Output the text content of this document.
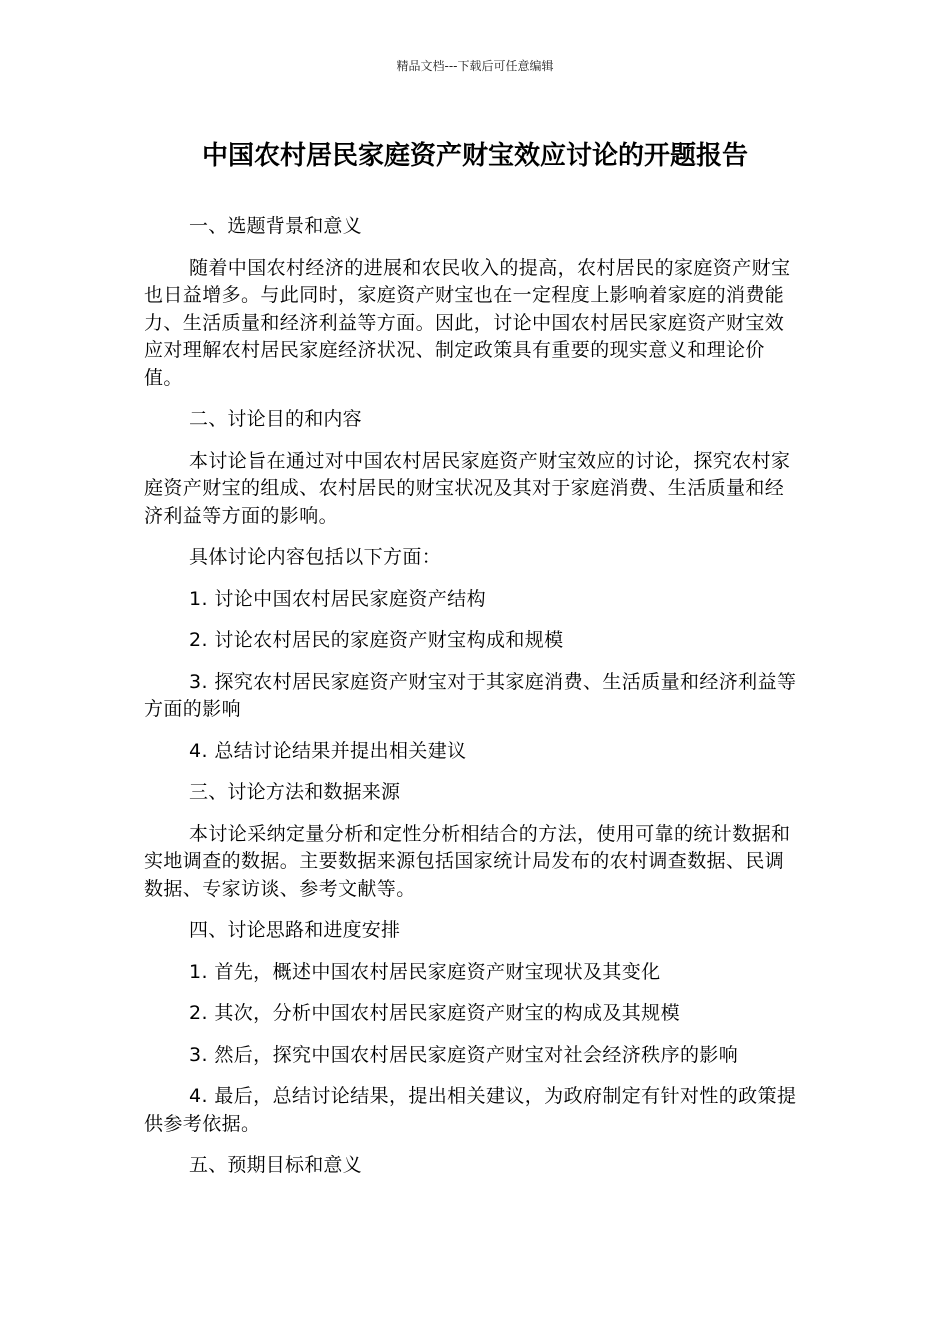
精品文档---下载后可任意编辑
中国农村居民家庭资产财宝效应讨论的开题报告

一、选题背景和意义

随着中国农村经济的进展和农民收入的提高，农村居民的家庭资产财宝也日益增多。与此同时，家庭资产财宝也在一定程度上影响着家庭的消费能力、生活质量和经济利益等方面。因此，讨论中国农村居民家庭资产财宝效应对理解农村居民家庭经济状况、制定政策具有重要的现实意义和理论价值。

二、讨论目的和内容

本讨论旨在通过对中国农村居民家庭资产财宝效应的讨论，探究农村家庭资产财宝的组成、农村居民的财宝状况及其对于家庭消费、生活质量和经济利益等方面的影响。

具体讨论内容包括以下方面：

1. 讨论中国农村居民家庭资产结构

2. 讨论农村居民的家庭资产财宝构成和规模

3. 探究农村居民家庭资产财宝对于其家庭消费、生活质量和经济利益等方面的影响

4. 总结讨论结果并提出相关建议

三、讨论方法和数据来源

本讨论采纳定量分析和定性分析相结合的方法，使用可靠的统计数据和实地调查的数据。主要数据来源包括国家统计局发布的农村调查数据、民调数据、专家访谈、参考文献等。

四、讨论思路和进度安排

1. 首先，概述中国农村居民家庭资产财宝现状及其变化

2. 其次，分析中国农村居民家庭资产财宝的构成及其规模

3. 然后，探究中国农村居民家庭资产财宝对社会经济秩序的影响

4. 最后，总结讨论结果，提出相关建议，为政府制定有针对性的政策提供参考依据。

五、预期目标和意义
